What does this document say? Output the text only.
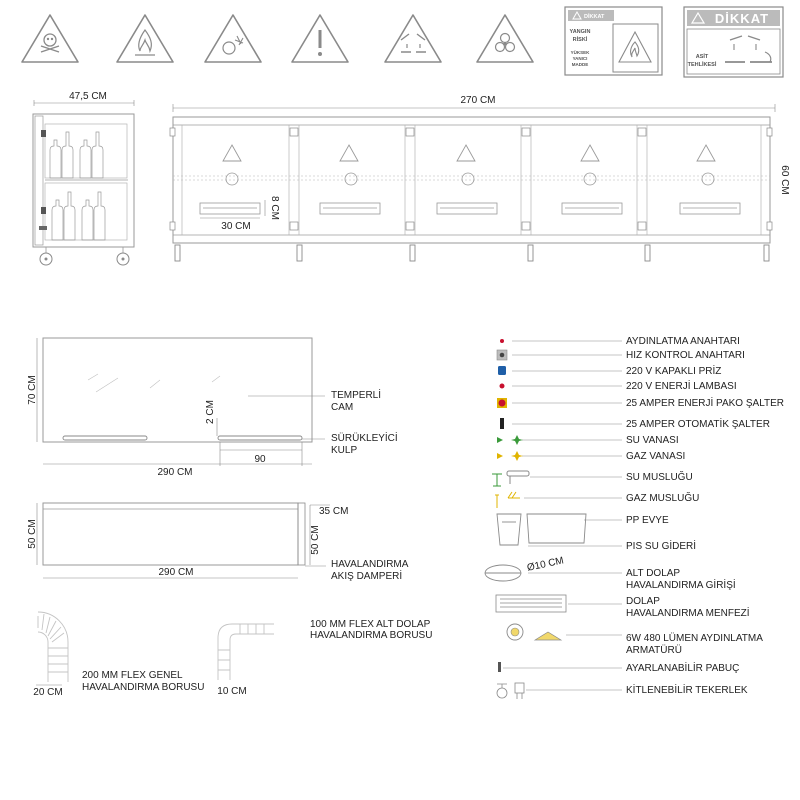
DİKKAT
YANGIN
RİSKİ
YÜKSEK
YANICI
MADDE
DİKKAT
ASİT
TEHLİKESİ
47,5 CM	270 CM
60 CM
30 CM
8 CM
70 CM
2 CM
90
290 CM
TEMPERLİ
CAM
SÜRÜKLEYİCİ
KULP
50 CM
290 CM
35 CM
50 CM
HAVALANDIRMA
AKIŞ DAMPERİ
100 MM FLEX ALT DOLAP
HAVALANDIRMA BORUSU
200 MM FLEX GENEL
HAVALANDIRMA BORUSU
20 CM	10 CM
Ø10 CM
AYDINLATMA ANAHTARI
HIZ KONTROL ANAHTARI
220 V KAPAKLI PRİZ
220 V ENERJİ LAMBASI
25 AMPER ENERJİ PAKO ŞALTER
25 AMPER OTOMATİK ŞALTER
SU VANASI
GAZ VANASI
SU MUSLUĞU
GAZ MUSLUĞU
PP EVYE
PIS SU GİDERİ
ALT DOLAP
HAVALANDIRMA GİRİŞİ
DOLAP
HAVALANDIRMA MENFEZİ
6W 480 LÜMEN AYDINLATMA
ARMATÜRÜ
AYARLANABİLİR PABUÇ
KİTLENEBİLİR TEKERLEK
